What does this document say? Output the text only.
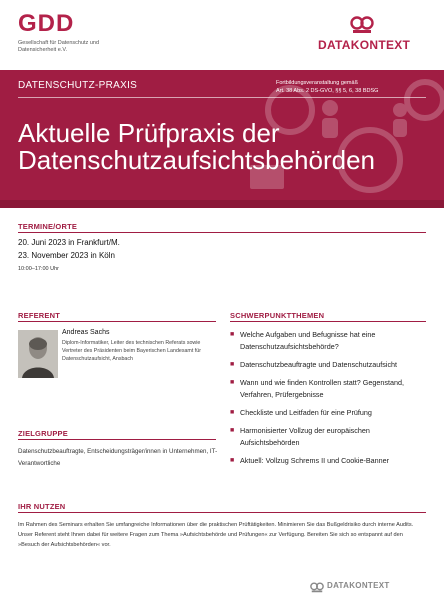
GDD
Gesellschaft für Datenschutz und Datensicherheit e.V.	DATAKONTEXT
DATENSCHUTZ-PRAXIS	Fortbildungsveranstaltung gemäß
Art. 38 Abs. 2 DS-GVO, §§ 5, 6, 38 BDSG
Aktuelle Prüfpraxis der
Datenschutzaufsichtsbehörden
TERMINE/ORTE
20. Juni 2023 in Frankfurt/M.
23. November 2023 in Köln
10:00–17:00 Uhr
REFERENT
Andreas Sachs
Diplom-Informatiker, Leiter des technischen Referats sowie Vertreter des Präsidenten beim Bayerischen Landesamt für Datenschutzaufsicht, Ansbach
ZIELGRUPPE
Datenschutzbeauftragte, Entscheidungsträger/innen in Unternehmen, IT-Verantwortliche
SCHWERPUNKTTHEMEN
■ Welche Aufgaben und Befugnisse hat eine Datenschutzaufsichtsbehörde?
■ Datenschutzbeauftragte und Datenschutzaufsicht
■ Wann und wie finden Kontrollen statt? Gegenstand, Verfahren, Prüfergebnisse
■ Checkliste und Leitfaden für eine Prüfung
■ Harmonisierter Vollzug der europäischen Aufsichtsbehörden
■ Aktuell: Vollzug Schrems II und Cookie-Banner
IHR NUTZEN
Im Rahmen des Seminars erhalten Sie umfangreiche Informationen über die praktischen Prüftätigkeiten. Minimieren Sie das Bußgeldrisiko durch interne Audits. Unser Referent steht Ihnen dabei für weitere Fragen zum Thema »Aufsichtsbehörde und Prüfungen« zur Verfügung. Bereiten Sie sich so entspannt auf den »Besuch der Aufsichtsbehörden« vor.
DATAKONTEXT
